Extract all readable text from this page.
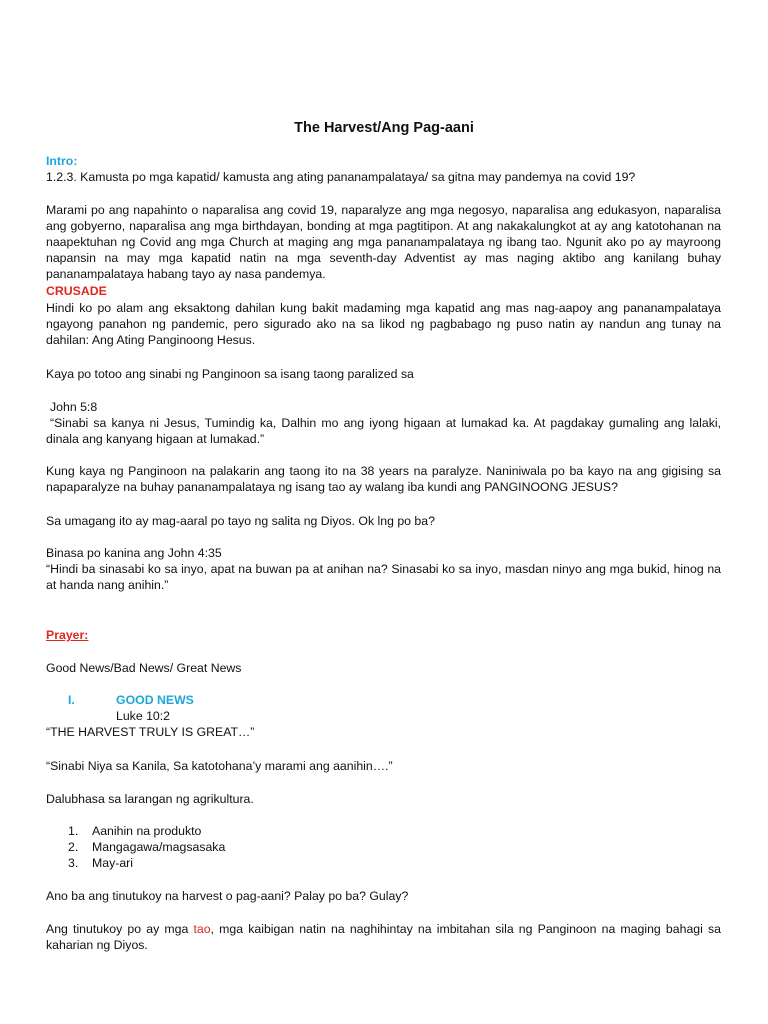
The Harvest/Ang Pag-aani
Intro:
1.2.3. Kamusta po mga kapatid/ kamusta ang ating pananampalataya/ sa gitna may pandemya na covid 19?
Marami po ang napahinto o naparalisa ang covid 19, naparalyze ang mga negosyo, naparalisa ang edukasyon, naparalisa ang gobyerno, naparalisa ang mga birthdayan, bonding at mga pagtitipon. At ang nakakalungkot at ay ang katotohanan na naapektuhan ng Covid ang mga Church at maging ang mga pananampalataya ng ibang tao. Ngunit ako po ay mayroong napansin na may mga kapatid natin na mga seventh-day Adventist ay mas naging aktibo ang kanilang buhay pananampalataya habang tayo ay nasa pandemya.
CRUSADE
Hindi ko po alam ang eksaktong dahilan kung bakit madaming mga kapatid ang mas nag-aapoy ang pananampalataya ngayong panahon ng pandemic, pero sigurado ako na sa likod ng pagbabago ng puso natin ay nandun ang tunay na dahilan: Ang Ating Panginoong Hesus.
Kaya po totoo ang sinabi ng Panginoon sa isang taong paralized sa
John 5:8
“Sinabi sa kanya ni Jesus, Tumindig ka, Dalhin mo ang iyong higaan at lumakad ka. At pagdakay gumaling ang lalaki, dinala ang kanyang higaan at lumakad.”
Kung kaya ng Panginoon na palakarin ang taong ito na 38 years na paralyze. Naniniwala po ba kayo na ang gigising sa napaparalyze na buhay pananampalataya ng isang tao ay walang iba kundi ang PANGINOONG JESUS?
Sa umagang ito ay mag-aaral po tayo ng salita ng Diyos. Ok lng po ba?
Binasa po kanina ang John 4:35
“Hindi ba sinasabi ko sa inyo, apat na buwan pa at anihan na? Sinasabi ko sa inyo, masdan ninyo ang mga bukid, hinog na at handa nang anihin.”
Prayer:
Good News/Bad News/ Great News
I.	GOOD NEWS
Luke 10:2
“THE HARVEST TRULY IS GREAT…”
“Sinabi Niya sa Kanila, Sa katotohana’y marami ang aanihin….”
Dalubhasa sa larangan ng agrikultura.
1. Aanihin na produkto
2. Mangagawa/magsasaka
3. May-ari
Ano ba ang tinutukoy na harvest o pag-aani? Palay po ba? Gulay?
Ang tinutukoy po ay mga tao, mga kaibigan natin na naghihintay na imbitahan sila ng Panginoon na maging bahagi sa kaharian ng Diyos.
